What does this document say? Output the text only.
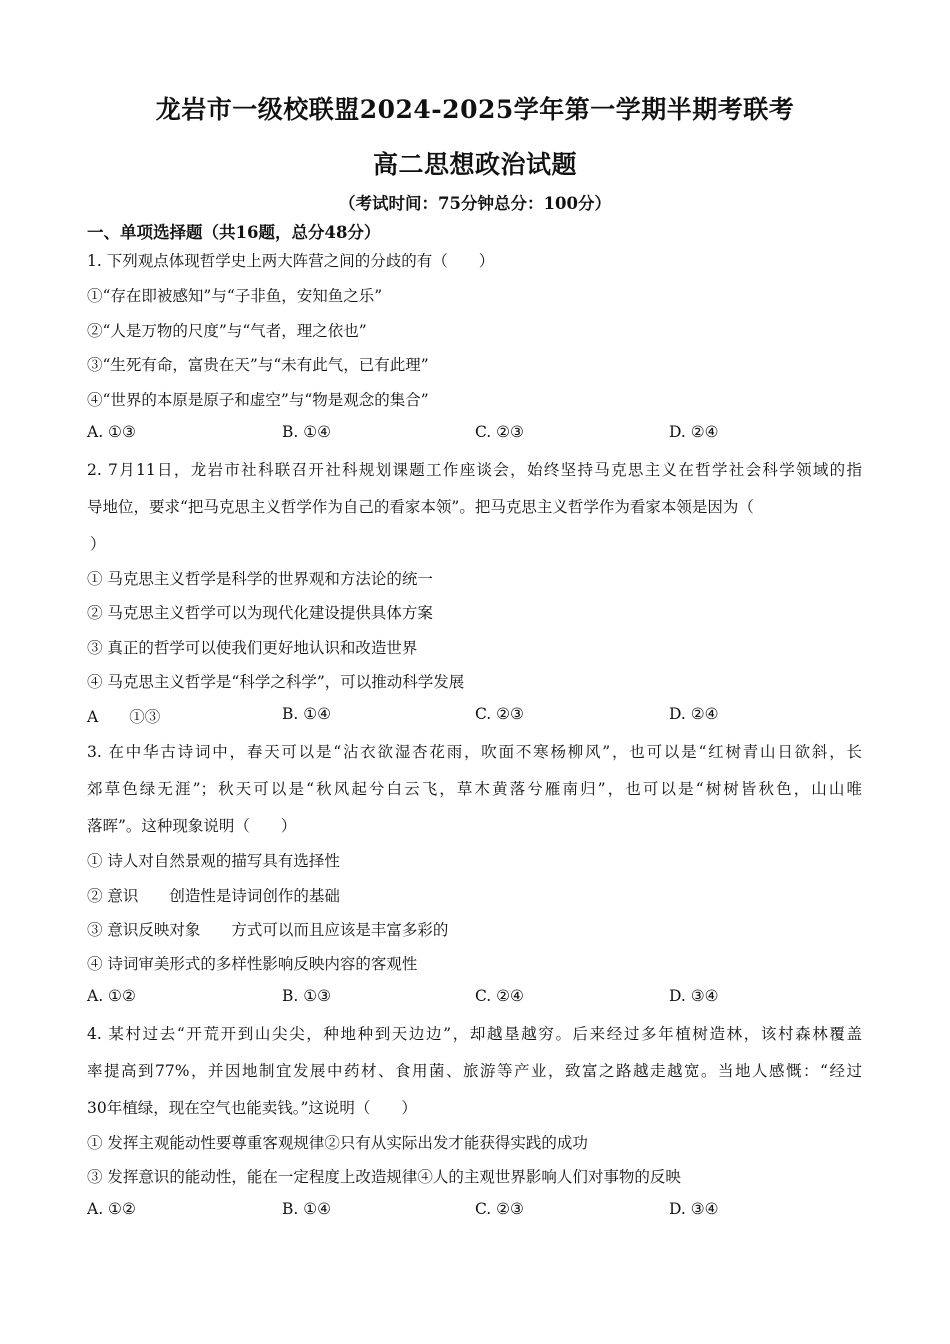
龙岩市一级校联盟2024-2025学年第一学期半期考联考
高二思想政治试题
（考试时间：75分钟总分：100分）
一、单项选择题（共16题，总分48分）
1. 下列观点体现哲学史上两大阵营之间的分歧的有（　　）
①“存在即被感知”与“子非鱼，安知鱼之乐”
②“人是万物的尺度”与“气者，理之依也”
③“生死有命，富贵在天”与“未有此气，已有此理”
④“世界的本原是原子和虚空”与“物是观念的集合”
A. ①③	B. ①④	C. ②③	D. ②④
2. 7月11日，龙岩市社科联召开社科规划课题工作座谈会，始终坚持马克思主义在哲学社会科学领域的指
导地位，要求“把马克思主义哲学作为自己的看家本领”。把马克思主义哲学作为看家本领是因为（
）
① 马克思主义哲学是科学的世界观和方法论的统一
② 马克思主义哲学可以为现代化建设提供具体方案
③ 真正的哲学可以使我们更好地认识和改造世界
④ 马克思主义哲学是“科学之科学”，可以推动科学发展
A　　①③	B. ①④	C. ②③	D. ②④
3. 在中华古诗词中，春天可以是“沾衣欲湿杏花雨，吹面不寒杨柳风”，也可以是“红树青山日欲斜，长
郊草色绿无涯”；秋天可以是“秋风起兮白云飞，草木黄落兮雁南归”，也可以是“树树皆秋色，山山唯
落晖”。这种现象说明（　　）
① 诗人对自然景观的描写具有选择性
② 意识　　创造性是诗词创作的基础
③ 意识反映对象　　方式可以而且应该是丰富多彩的
④ 诗词审美形式的多样性影响反映内容的客观性
A. ①②	B. ①③	C. ②④	D. ③④
4. 某村过去“开荒开到山尖尖，种地种到天边边”，却越垦越穷。后来经过多年植树造林，该村森林覆盖
率提高到77%，并因地制宜发展中药材、食用菌、旅游等产业，致富之路越走越宽。当地人感慨：“经过
30年植绿，现在空气也能卖钱。”这说明（　　）
① 发挥主观能动性要尊重客观规律②只有从实际出发才能获得实践的成功
③ 发挥意识的能动性，能在一定程度上改造规律④人的主观世界影响人们对事物的反映
A. ①②	B. ①④	C. ②③	D. ③④
